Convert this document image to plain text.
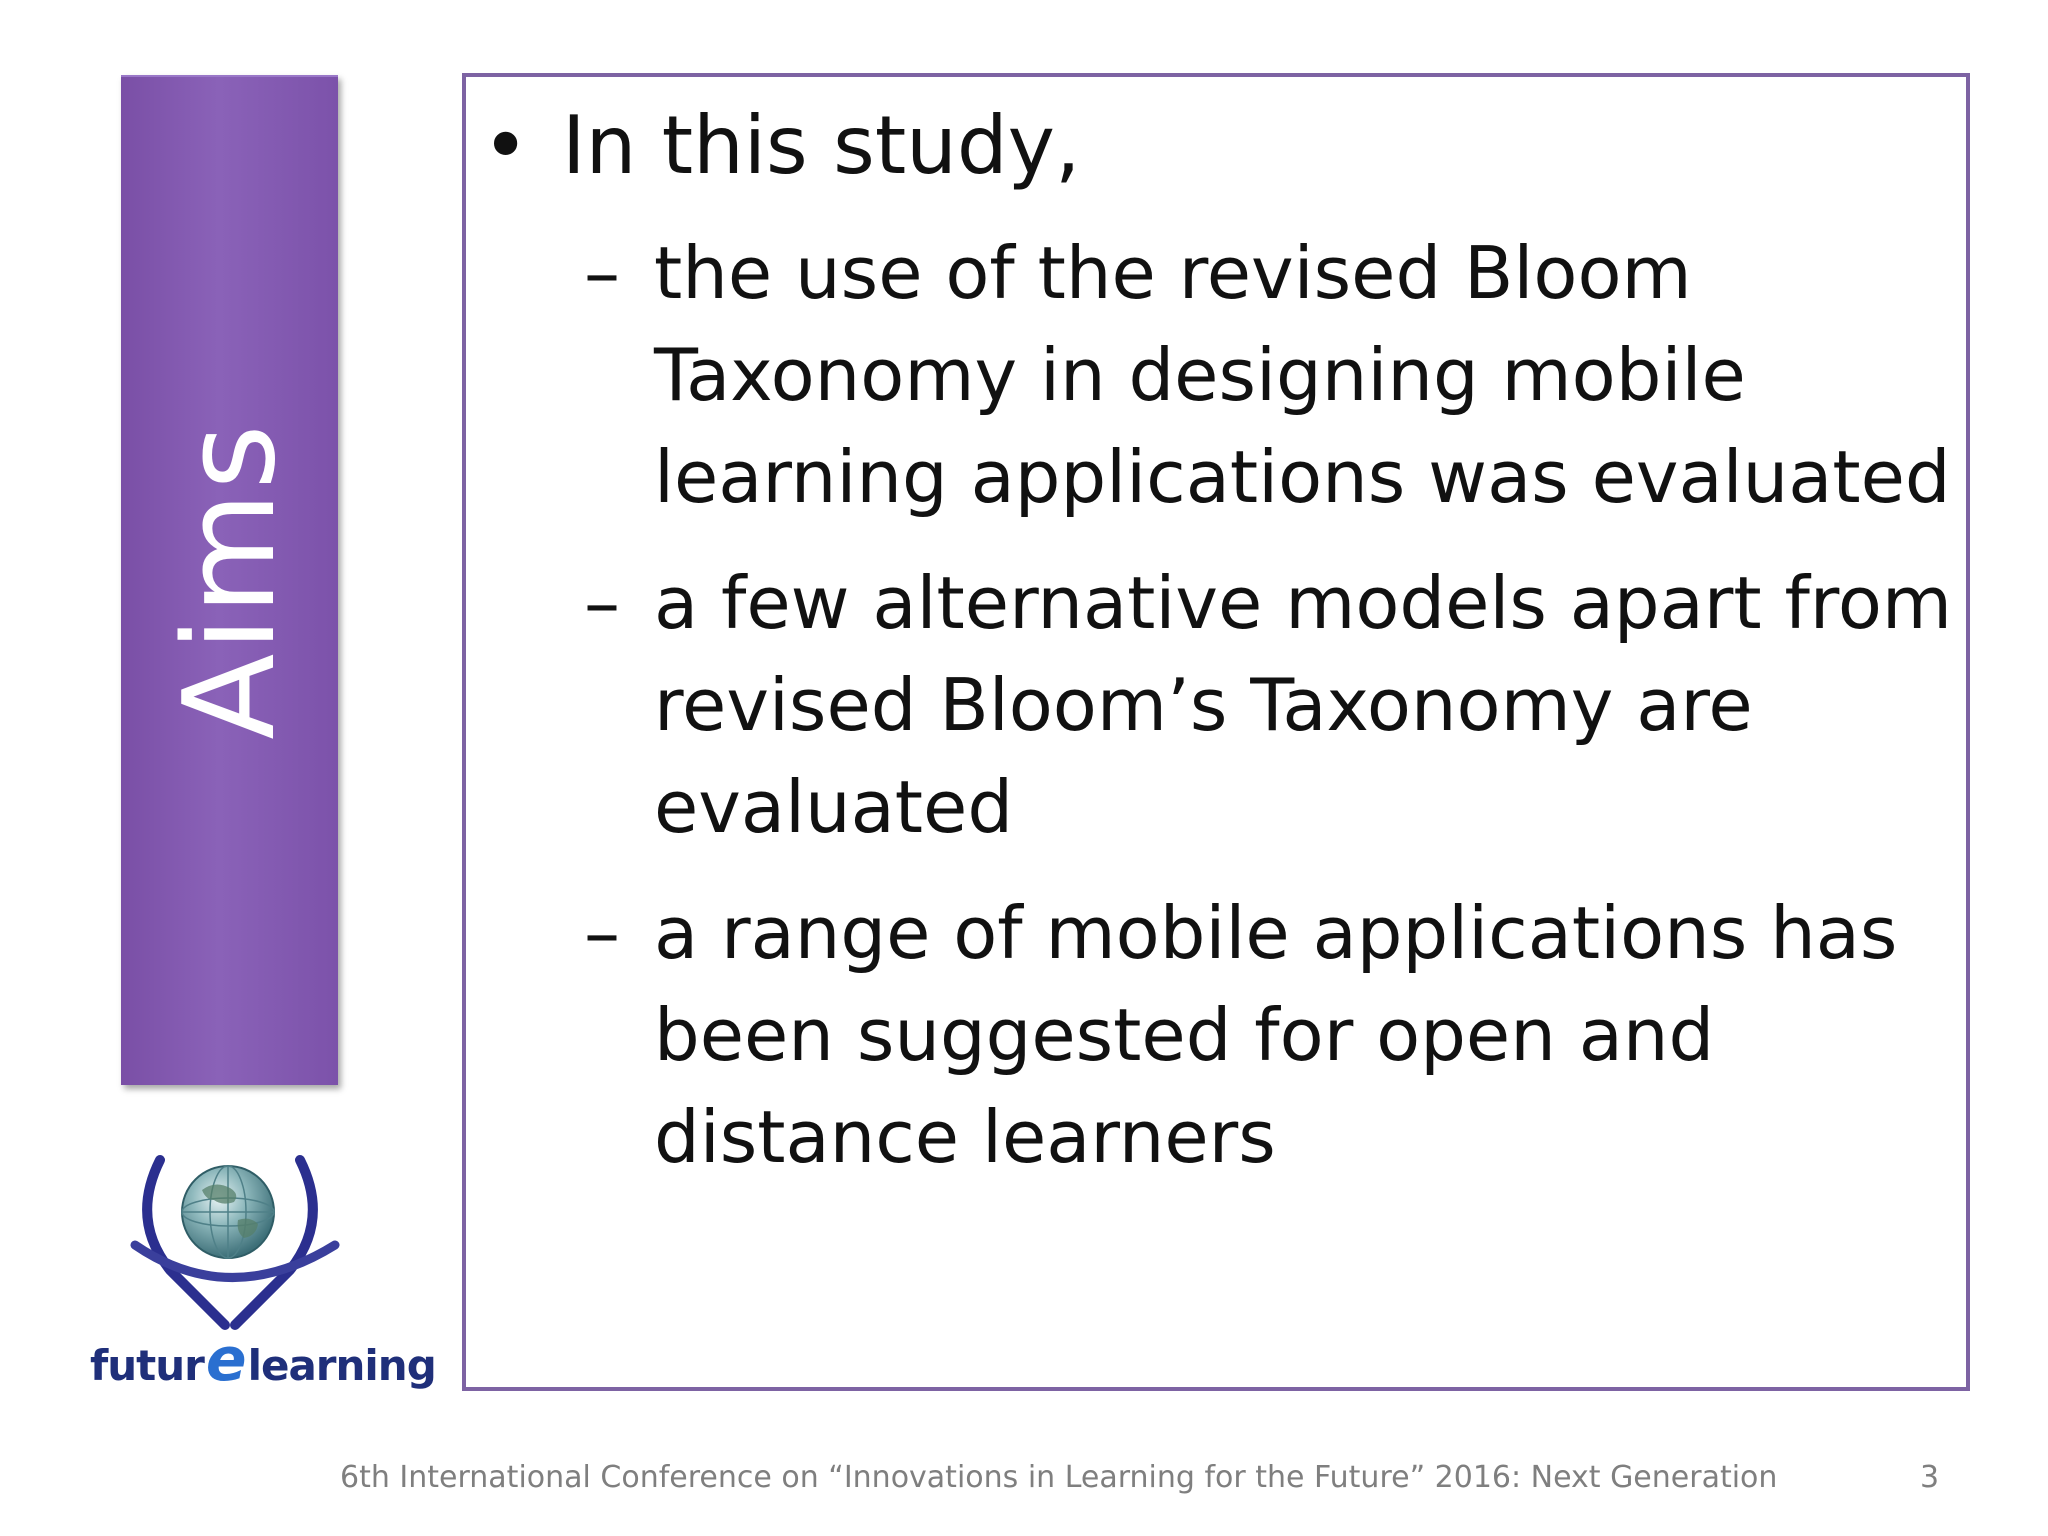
Aims
• In this study,
– the use of the revised Bloom
Taxonomy in designing mobile
learning applications was evaluated
– a few alternative models apart from
revised Bloom’s Taxonomy are
evaluated
– a range of mobile applications has
been suggested for open and
distance learners
futurelearning
6th International Conference on “Innovations in Learning for the Future” 2016: Next Generation	3
